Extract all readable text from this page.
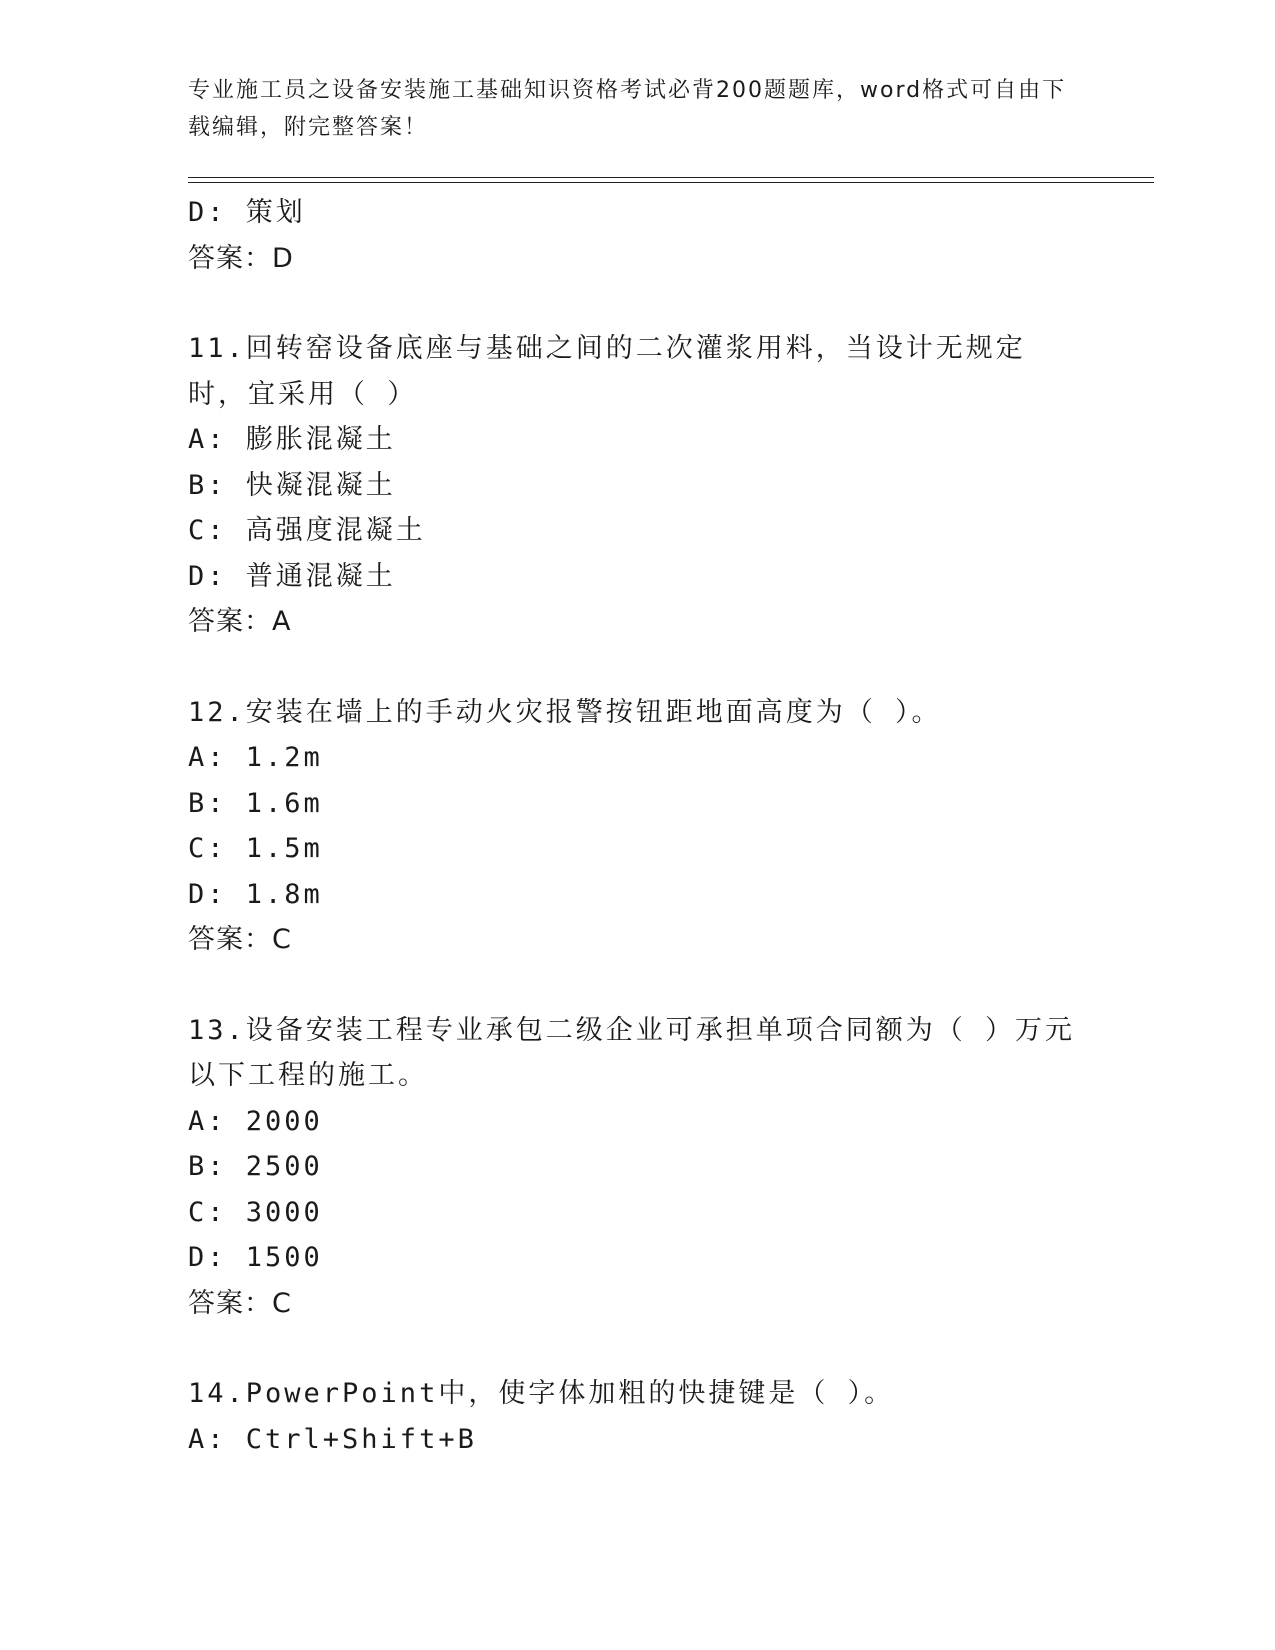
专业施工员之设备安装施工基础知识资格考试必背200题题库，word格式可自由下载编辑，附完整答案！
D: 策划
答案：D
11.回转窑设备底座与基础之间的二次灌浆用料，当设计无规定时，宜采用（ ）
A: 膨胀混凝土
B: 快凝混凝土
C: 高强度混凝土
D: 普通混凝土
答案：A
12.安装在墙上的手动火灾报警按钮距地面高度为（ ）。
A: 1.2m
B: 1.6m
C: 1.5m
D: 1.8m
答案：C
13.设备安装工程专业承包二级企业可承担单项合同额为（ ）万元以下工程的施工。
A: 2000
B: 2500
C: 3000
D: 1500
答案：C
14.PowerPoint中，使字体加粗的快捷键是（ ）。
A: Ctrl+Shift+B
